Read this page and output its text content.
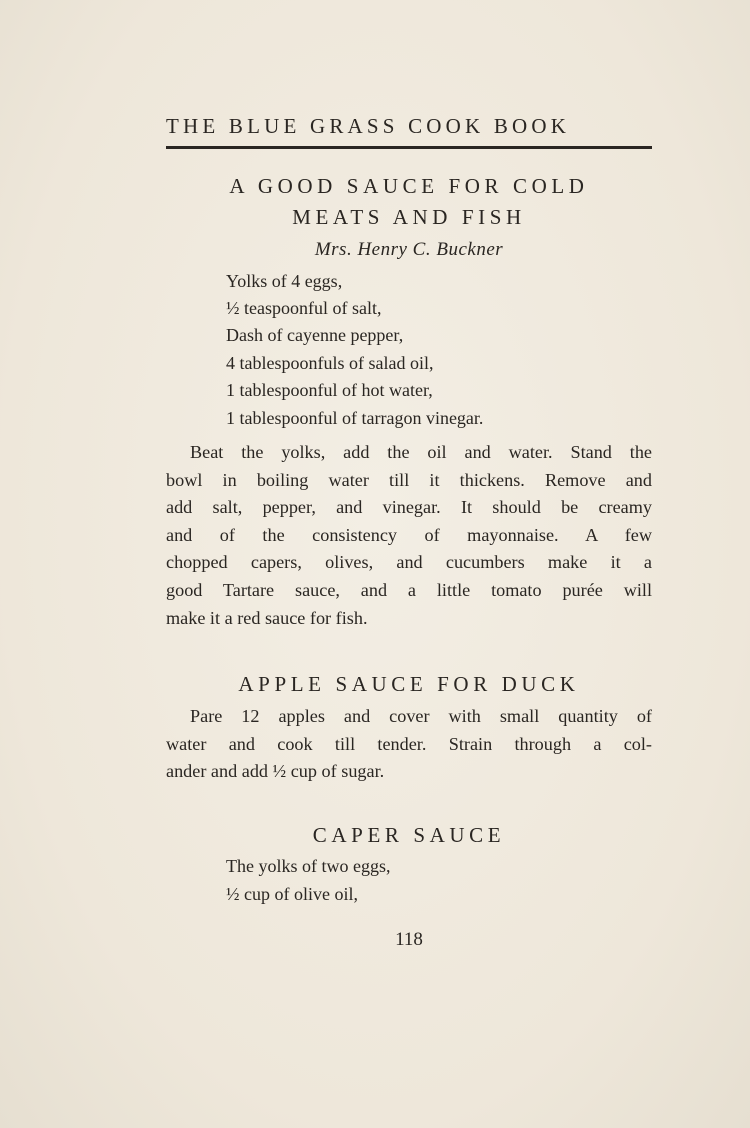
THE BLUE GRASS COOK BOOK
A GOOD SAUCE FOR COLD
MEATS AND FISH
Mrs. Henry C. Buckner
Yolks of 4 eggs,
½ teaspoonful of salt,
Dash of cayenne pepper,
4 tablespoonfuls of salad oil,
1 tablespoonful of hot water,
1 tablespoonful of tarragon vinegar.
Beat the yolks, add the oil and water. Stand the
bowl in boiling water till it thickens. Remove and
add salt, pepper, and vinegar. It should be creamy
and of the consistency of mayonnaise. A few
chopped capers, olives, and cucumbers make it a
good Tartare sauce, and a little tomato purée will
make it a red sauce for fish.
APPLE SAUCE FOR DUCK
Pare 12 apples and cover with small quantity of
water and cook till tender. Strain through a col-
ander and add ½ cup of sugar.
CAPER SAUCE
The yolks of two eggs,
½ cup of olive oil,
118
